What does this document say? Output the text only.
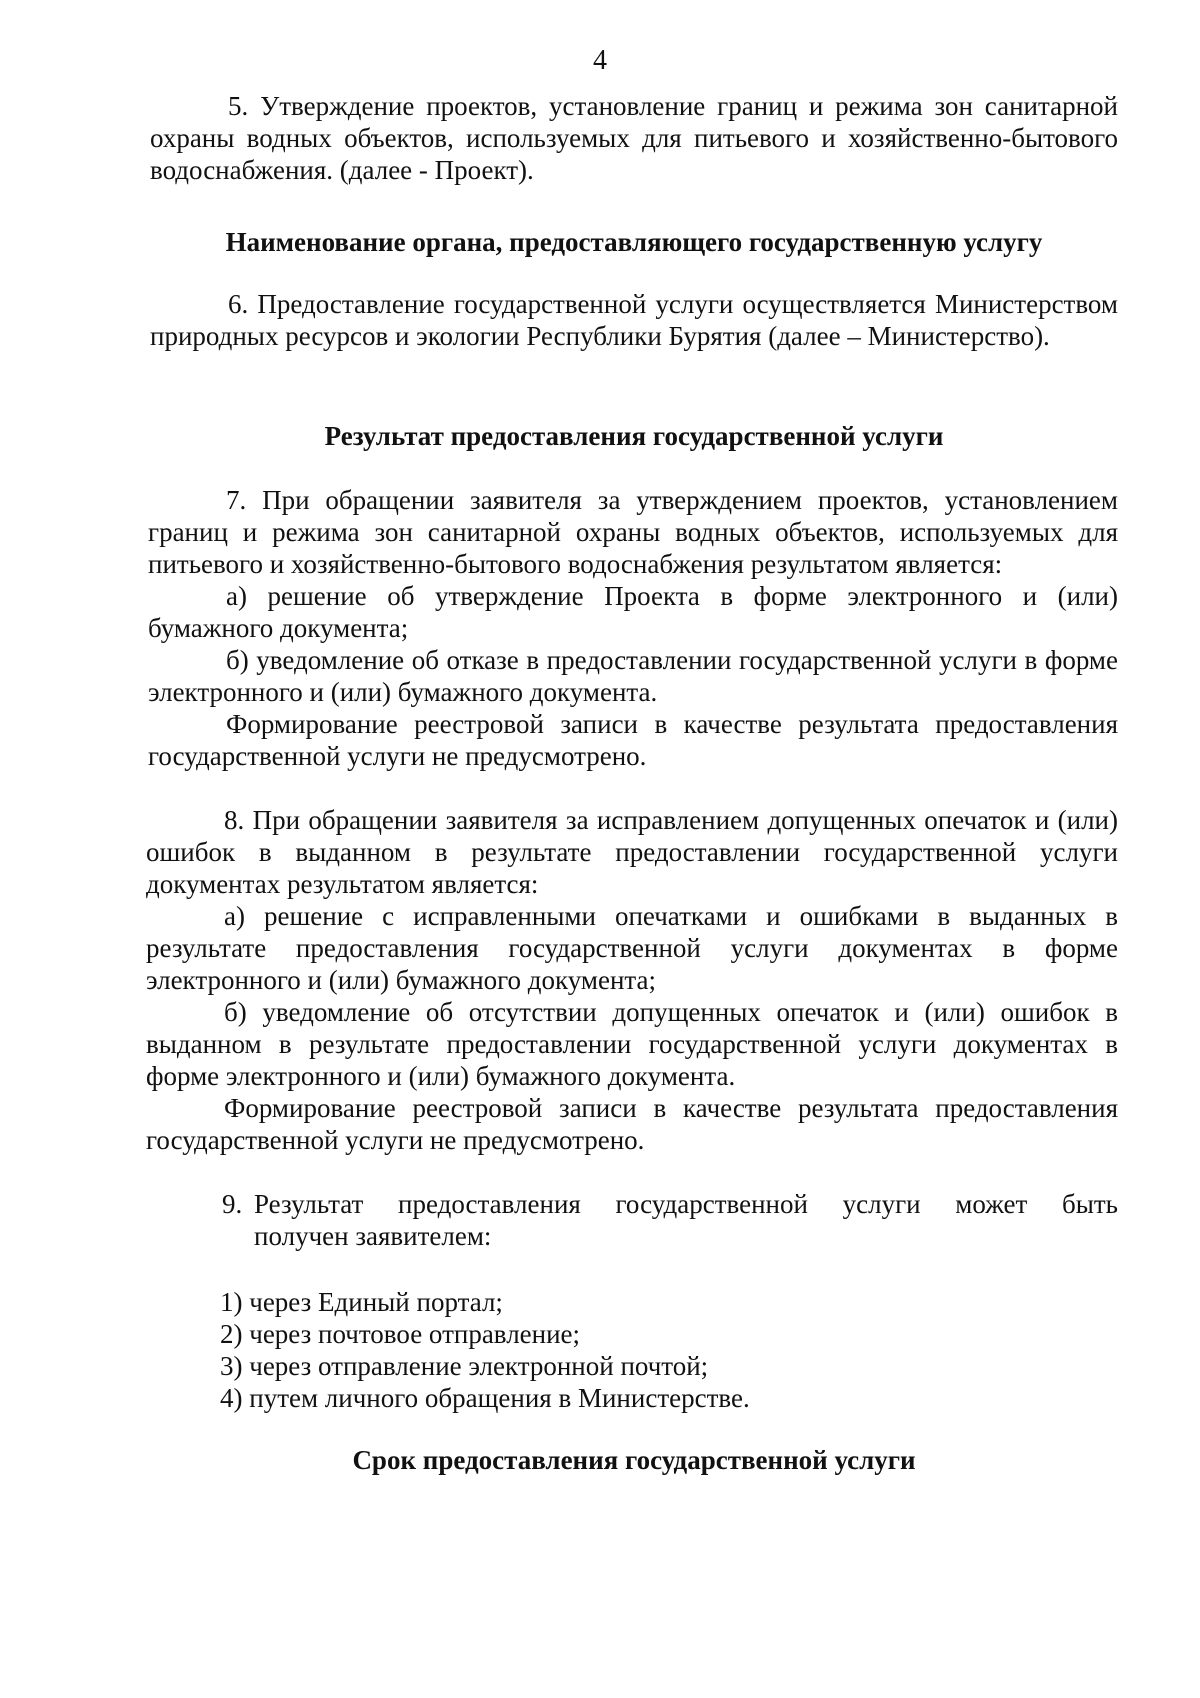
4

5. Утверждение проектов, установление границ и режима зон санитарной охраны водных объектов, используемых для питьевого и хозяйственно-бытового водоснабжения. (далее - Проект).

Наименование органа, предоставляющего государственную услугу

6. Предоставление государственной услуги осуществляется Министерством природных ресурсов и экологии Республики Бурятия (далее – Министерство).

Результат предоставления государственной услуги

7. При обращении заявителя за утверждением проектов, установлением границ и режима зон санитарной охраны водных объектов, используемых для питьевого и хозяйственно-бытового водоснабжения результатом является:

а) решение об утверждение Проекта в форме электронного и (или) бумажного документа;

б) уведомление об отказе в предоставлении государственной услуги в форме электронного и (или) бумажного документа.

Формирование реестровой записи в качестве результата предоставления государственной услуги не предусмотрено.

8. При обращении заявителя за исправлением допущенных опечаток и (или) ошибок в выданном в результате предоставлении государственной услуги документах результатом является:

а) решение с исправленными опечатками и ошибками в выданных в результате предоставления государственной услуги документах в форме электронного и (или) бумажного документа;

б) уведомление об отсутствии допущенных опечаток и (или) ошибок в выданном в результате предоставлении государственной услуги документах в форме электронного и (или) бумажного документа.

Формирование реестровой записи в качестве результата предоставления государственной услуги не предусмотрено.

9. Результат предоставления государственной услуги может быть
получен заявителем:
1) через Единый портал;
2) через почтовое отправление;
3) через отправление электронной почтой;
4) путем личного обращения в Министерстве.

Срок предоставления государственной услуги
